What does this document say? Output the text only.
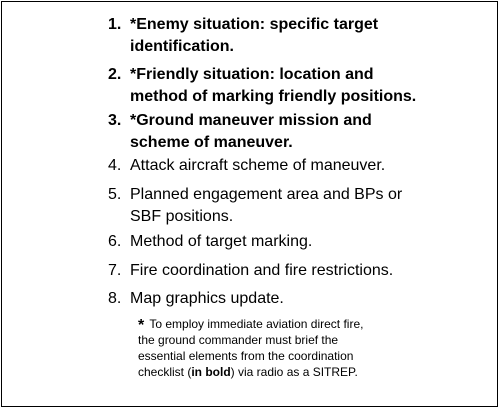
1. *Enemy situation: specific target
identification.
2. *Friendly situation: location and
method of marking friendly positions.
3. *Ground maneuver mission and
scheme of maneuver.
4. Attack aircraft scheme of maneuver.
5. Planned engagement area and BPs or
SBF positions.
6. Method of target marking.
7. Fire coordination and fire restrictions.
8. Map graphics update.
* To employ immediate aviation direct fire, the ground commander must brief the essential elements from the coordination checklist (in bold) via radio as a SITREP.
